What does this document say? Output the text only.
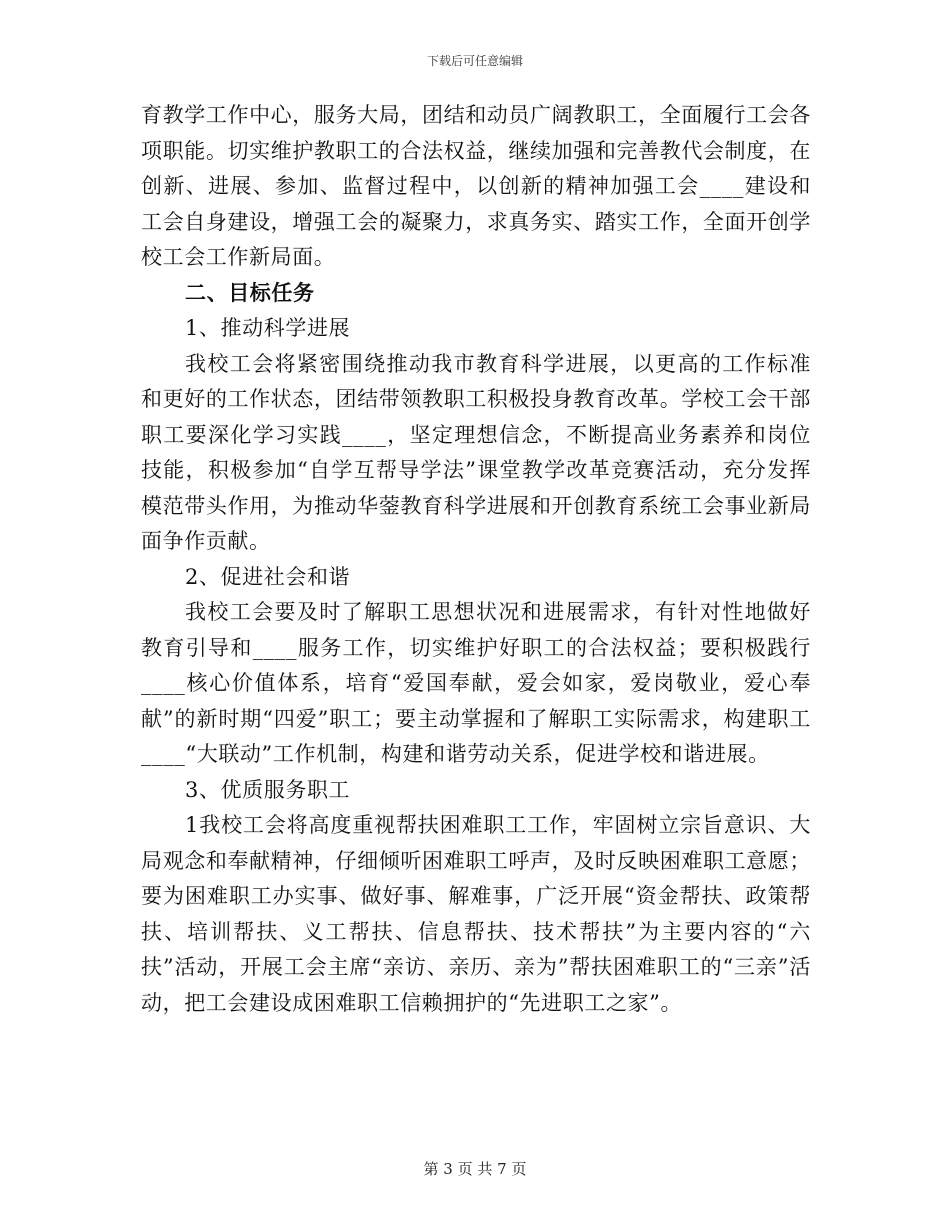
下载后可任意编辑

育教学工作中心，服务大局，团结和动员广阔教职工，全面履行工会各项职能。切实维护教职工的合法权益，继续加强和完善教代会制度，在创新、进展、参加、监督过程中，以创新的精神加强工会____建设和工会自身建设，增强工会的凝聚力，求真务实、踏实工作，全面开创学校工会工作新局面。

二、目标任务

1、推动科学进展

我校工会将紧密围绕推动我市教育科学进展，以更高的工作标准和更好的工作状态，团结带领教职工积极投身教育改革。学校工会干部职工要深化学习实践____，坚定理想信念，不断提高业务素养和岗位技能，积极参加“自学互帮导学法”课堂教学改革竞赛活动，充分发挥模范带头作用，为推动华蓥教育科学进展和开创教育系统工会事业新局面争作贡献。

2、促进社会和谐

我校工会要及时了解职工思想状况和进展需求，有针对性地做好教育引导和____服务工作，切实维护好职工的合法权益；要积极践行____核心价值体系，培育“爱国奉献，爱会如家，爱岗敬业，爱心奉献”的新时期“四爱”职工；要主动掌握和了解职工实际需求，构建职工____“大联动”工作机制，构建和谐劳动关系，促进学校和谐进展。

3、优质服务职工

1我校工会将高度重视帮扶困难职工工作，牢固树立宗旨意识、大局观念和奉献精神，仔细倾听困难职工呼声，及时反映困难职工意愿；要为困难职工办实事、做好事、解难事，广泛开展“资金帮扶、政策帮扶、培训帮扶、义工帮扶、信息帮扶、技术帮扶”为主要内容的“六扶”活动，开展工会主席“亲访、亲历、亲为”帮扶困难职工的“三亲”活动，把工会建设成困难职工信赖拥护的“先进职工之家”。

第 3 页 共 7 页
